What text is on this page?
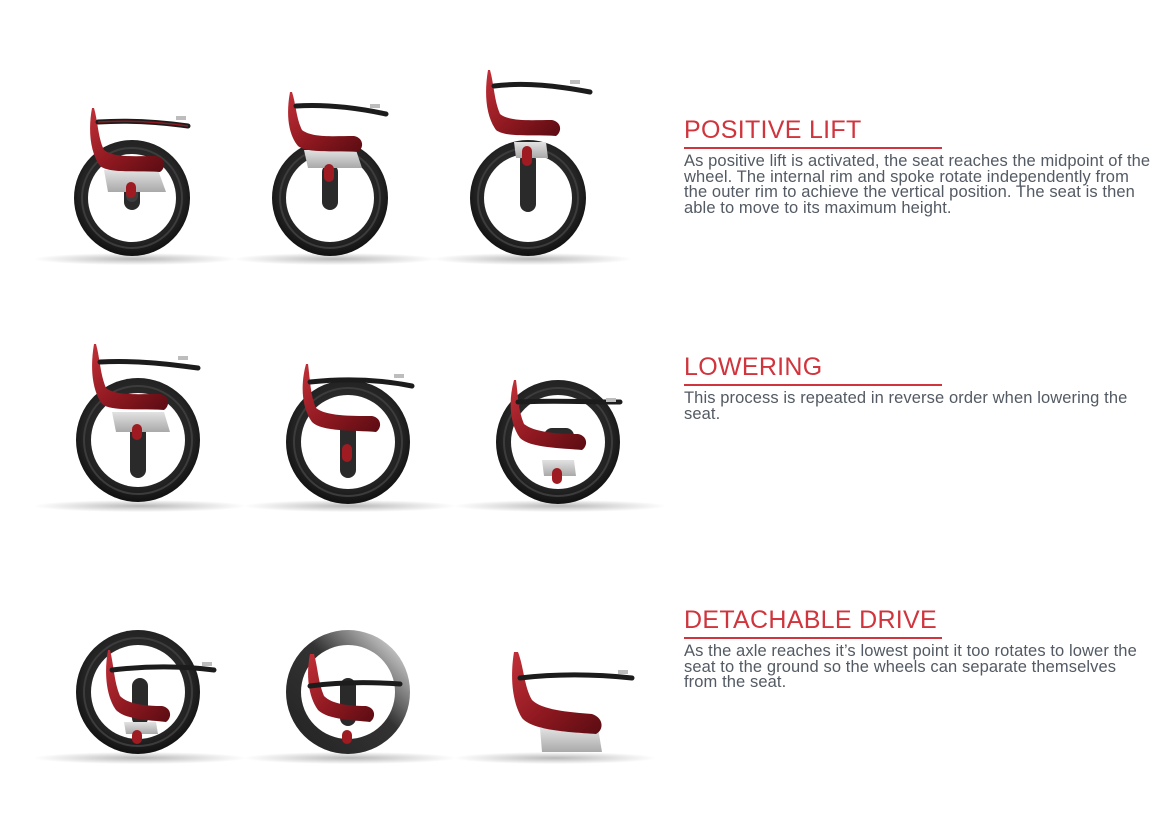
POSITIVE LIFT

As positive lift is activated, the seat reaches the midpoint of the wheel. The internal rim and spoke rotate independently from the outer rim to achieve the vertical position. The seat is then able to move to its maximum height.

LOWERING

This process is repeated in reverse order when lowering the seat.

DETACHABLE DRIVE

As the axle reaches it’s lowest point it too rotates to lower the seat to the ground so the wheels can separate themselves from the seat.
